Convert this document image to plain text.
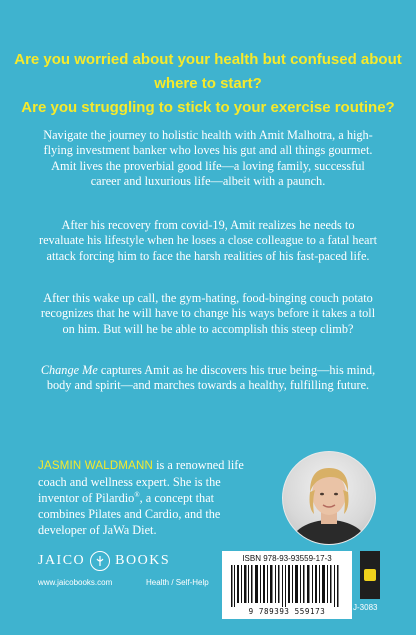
Are you worried about your health but confused about where to start?
Are you struggling to stick to your exercise routine?

Navigate the journey to holistic health with Amit Malhotra, a high-flying investment banker who loves his gut and all things gourmet. Amit lives the proverbial good life—a loving family, successful career and luxurious life—albeit with a paunch.

After his recovery from covid-19, Amit realizes he needs to revaluate his lifestyle when he loses a close colleague to a fatal heart attack forcing him to face the harsh realities of his fast-paced life.

After this wake up call, the gym-hating, food-binging couch potato recognizes that he will have to change his ways before it takes a toll on him. But will he be able to accomplish this steep climb?

Change Me captures Amit as he discovers his true being—his mind, body and spirit—and marches towards a healthy, fulfilling future.

JASMIN WALDMANN is a renowned life coach and wellness expert. She is the inventor of Pilardio®, a concept that combines Pilates and Cardio, and the developer of JaWa Diet.

JAICO BOOKS
www.jaicobooks.com	Health / Self-Help
ISBN 978-93-93559-17-3
9 789393 559173	J-3083
